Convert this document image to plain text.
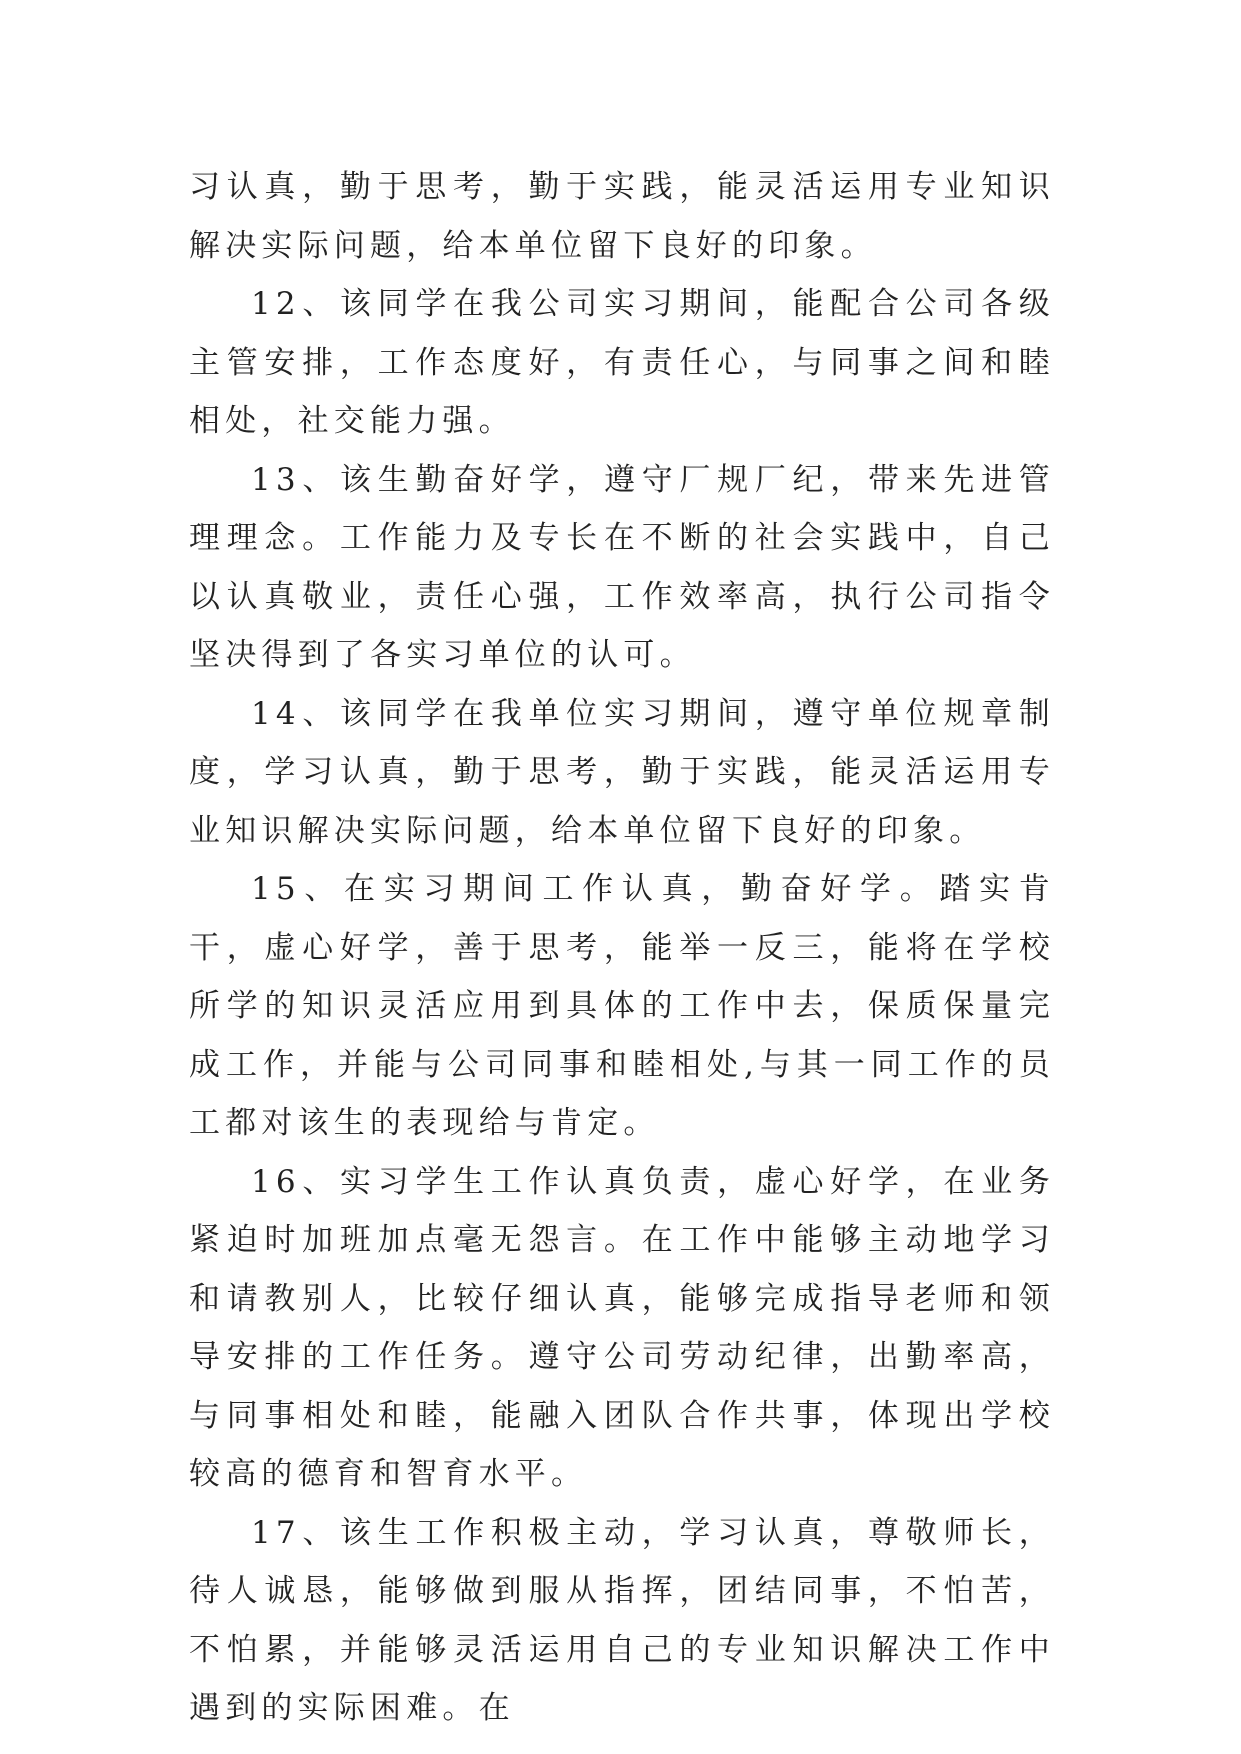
习认真，勤于思考，勤于实践，能灵活运用专业知识解决实际问题，给本单位留下良好的印象。

12、该同学在我公司实习期间，能配合公司各级主管安排，工作态度好，有责任心，与同事之间和睦相处，社交能力强。

13、该生勤奋好学，遵守厂规厂纪，带来先进管理理念。工作能力及专长在不断的社会实践中，自己以认真敬业，责任心强，工作效率高，执行公司指令坚决得到了各实习单位的认可。

14、该同学在我单位实习期间，遵守单位规章制度，学习认真，勤于思考，勤于实践，能灵活运用专业知识解决实际问题，给本单位留下良好的印象。

15、在实习期间工作认真，勤奋好学。踏实肯干，虚心好学，善于思考，能举一反三，能将在学校所学的知识灵活应用到具体的工作中去，保质保量完成工作，并能与公司同事和睦相处,与其一同工作的员工都对该生的表现给与肯定。

16、实习学生工作认真负责，虚心好学，在业务紧迫时加班加点毫无怨言。在工作中能够主动地学习和请教别人，比较仔细认真，能够完成指导老师和领导安排的工作任务。遵守公司劳动纪律，出勤率高，与同事相处和睦，能融入团队合作共事，体现出学校较高的德育和智育水平。

17、该生工作积极主动，学习认真，尊敬师长，待人诚恳，能够做到服从指挥，团结同事，不怕苦，不怕累，并能够灵活运用自己的专业知识解决工作中遇到的实际困难。在
